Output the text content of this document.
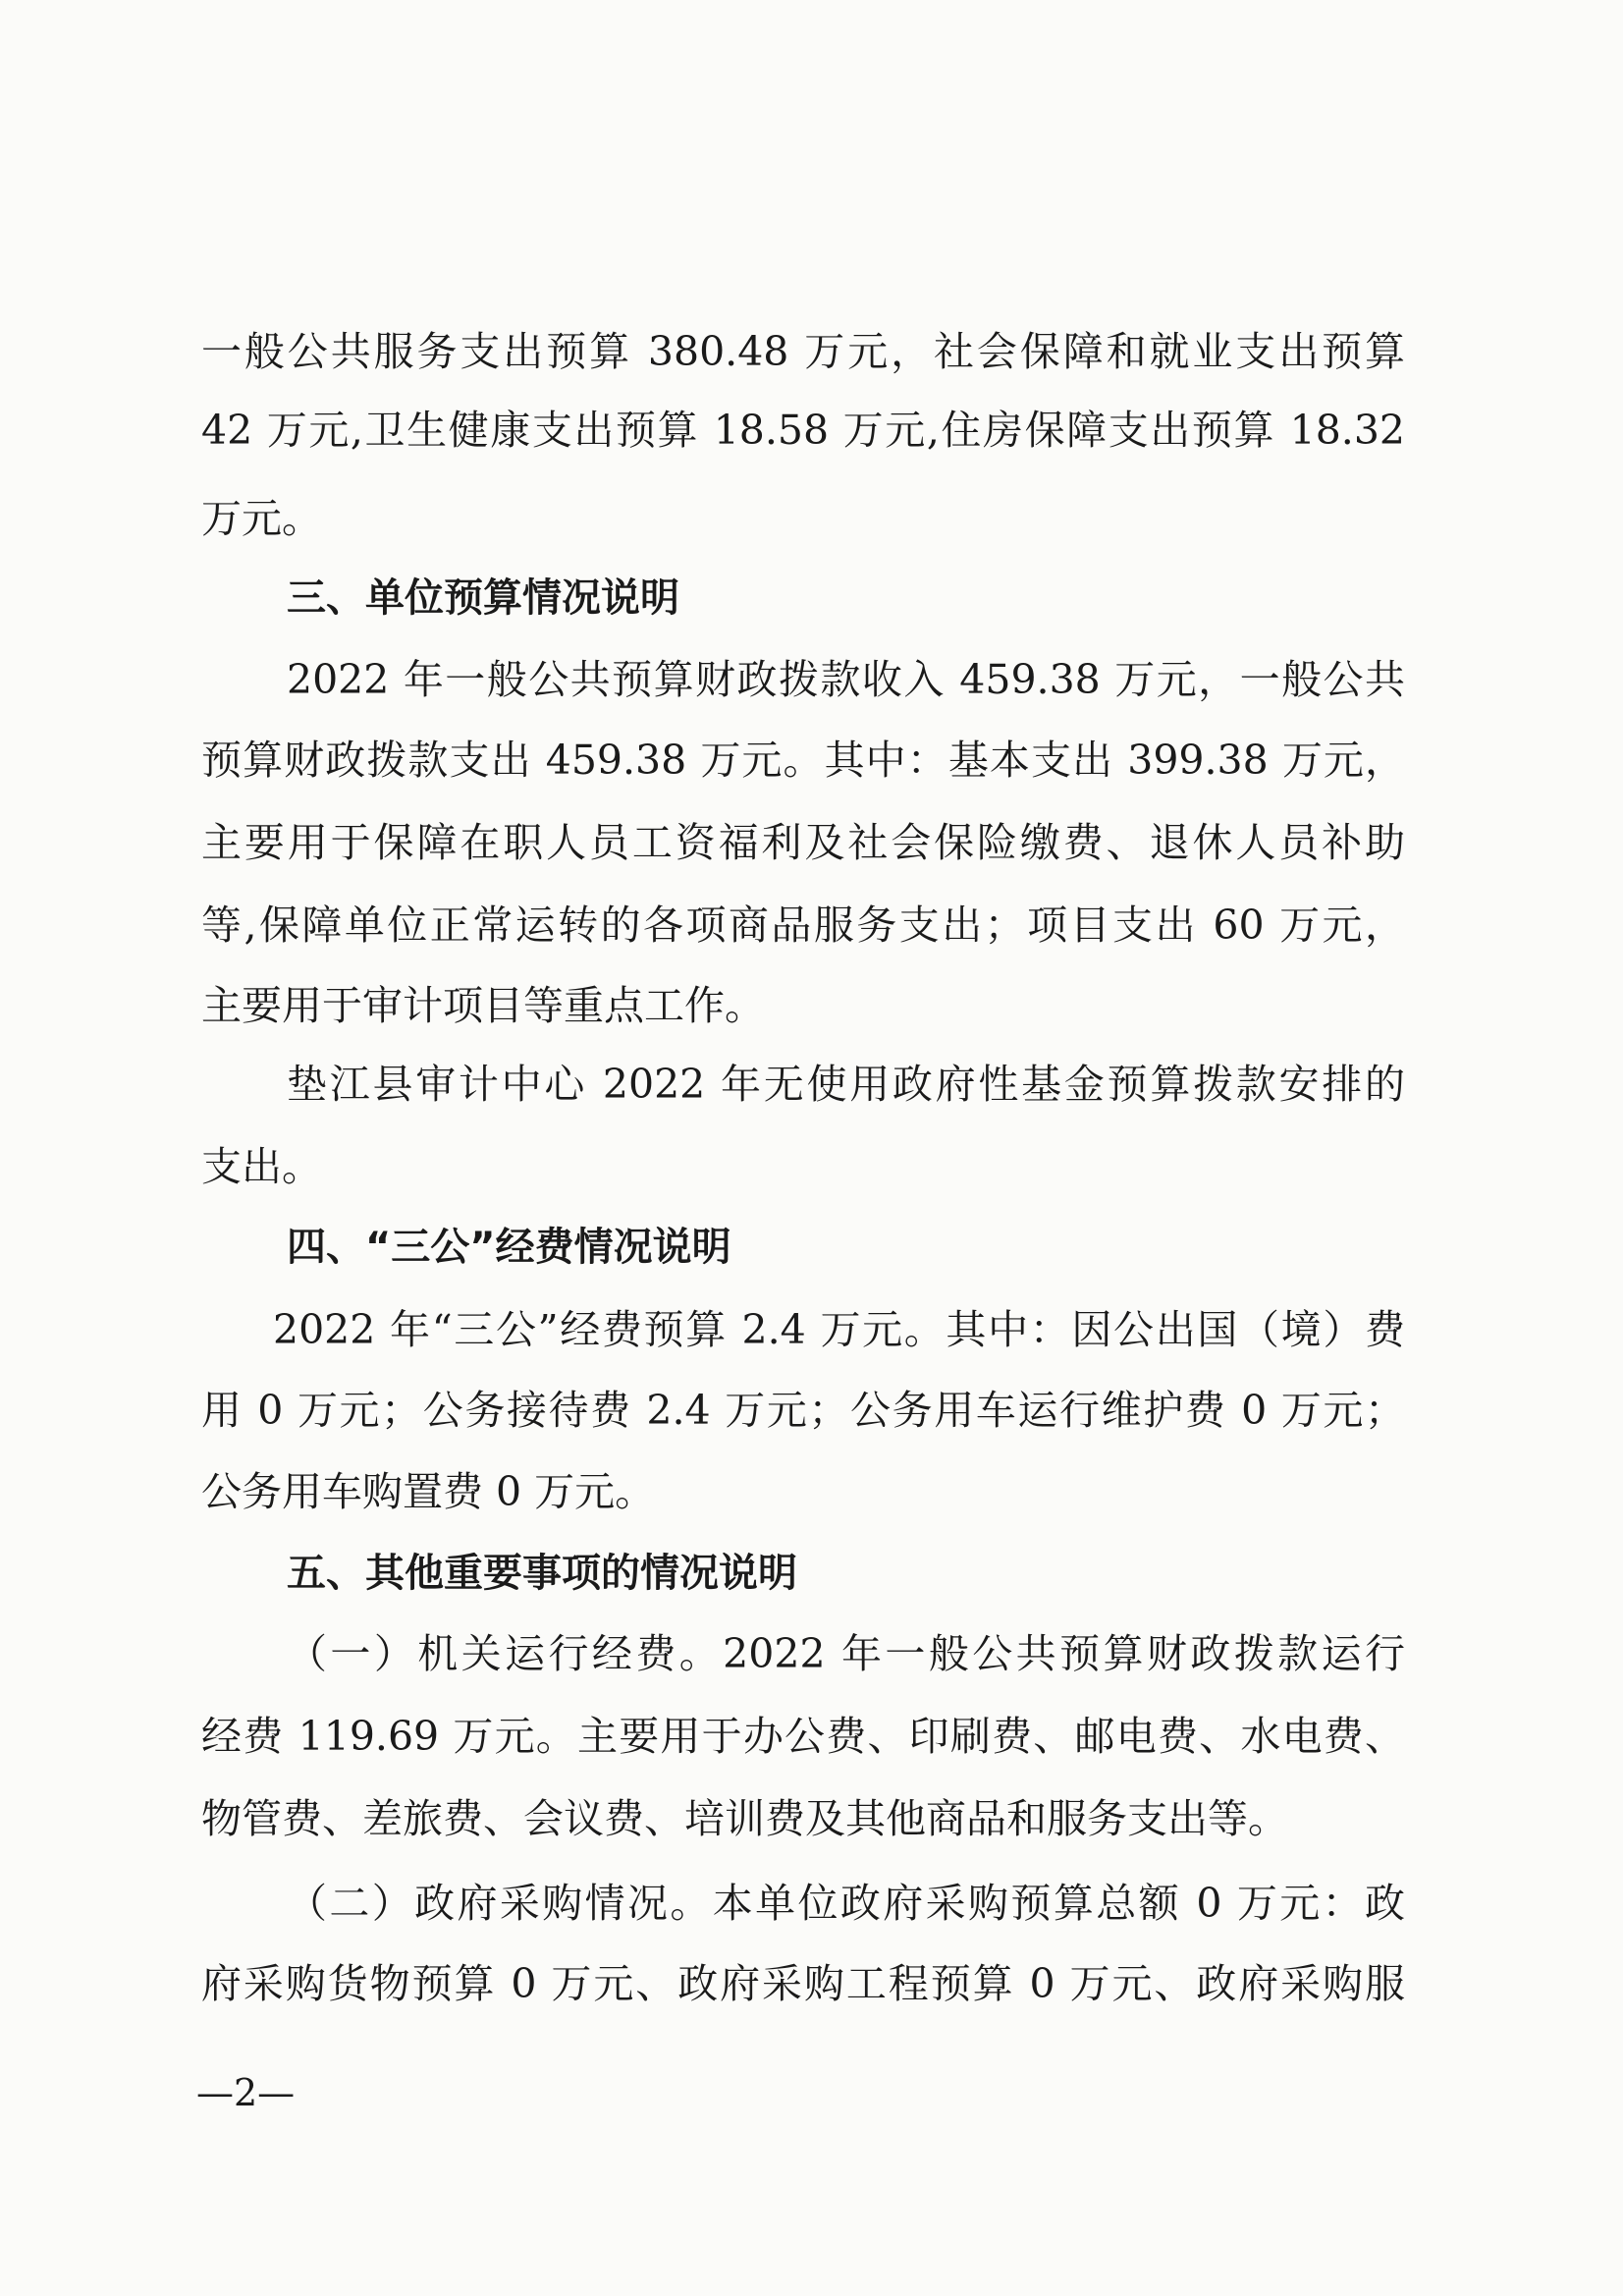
一般公共服务支出预算 380.48 万元，社会保障和就业支出预算
42 万元,卫生健康支出预算 18.58 万元,住房保障支出预算 18.32
万元。
三、单位预算情况说明
2022 年一般公共预算财政拨款收入 459.38 万元，一般公共
预算财政拨款支出 459.38 万元。其中：基本支出 399.38 万元，
主要用于保障在职人员工资福利及社会保险缴费、退休人员补助
等,保障单位正常运转的各项商品服务支出；项目支出 60 万元，
主要用于审计项目等重点工作。
垫江县审计中心 2022 年无使用政府性基金预算拨款安排的
支出。
四、“三公”经费情况说明
2022 年“三公”经费预算 2.4 万元。其中：因公出国（境）费
用 0 万元；公务接待费 2.4 万元；公务用车运行维护费 0 万元；
公务用车购置费 0 万元。
五、其他重要事项的情况说明
（一）机关运行经费。2022 年一般公共预算财政拨款运行
经费 119.69 万元。主要用于办公费、印刷费、邮电费、水电费、
物管费、差旅费、会议费、培训费及其他商品和服务支出等。
（二）政府采购情况。本单位政府采购预算总额 0 万元：政
府采购货物预算 0 万元、政府采购工程预算 0 万元、政府采购服
—2—
